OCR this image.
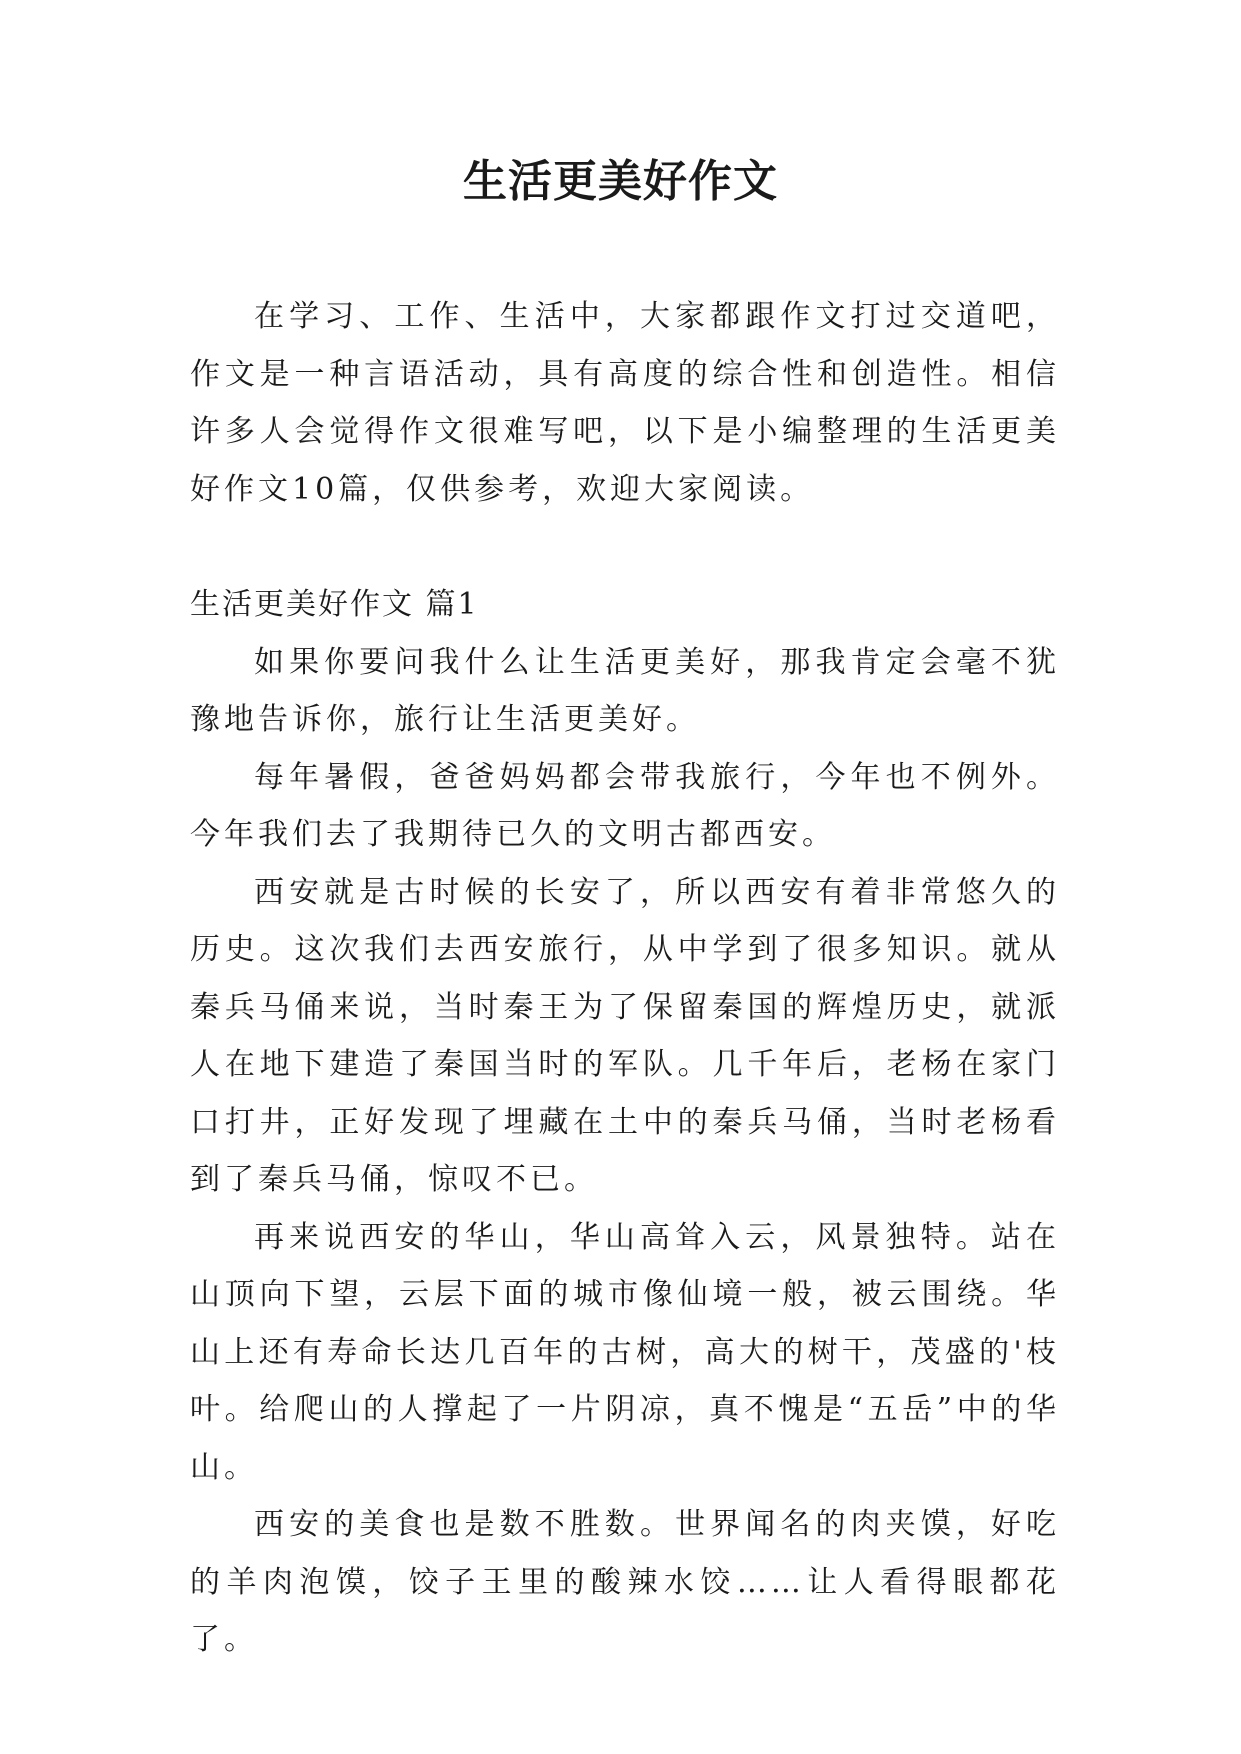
生活更美好作文

在学习、工作、生活中，大家都跟作文打过交道吧，作文是一种言语活动，具有高度的综合性和创造性。相信许多人会觉得作文很难写吧，以下是小编整理的生活更美好作文10篇，仅供参考，欢迎大家阅读。

生活更美好作文 篇1

如果你要问我什么让生活更美好，那我肯定会毫不犹豫地告诉你，旅行让生活更美好。

每年暑假，爸爸妈妈都会带我旅行，今年也不例外。今年我们去了我期待已久的文明古都西安。

西安就是古时候的长安了，所以西安有着非常悠久的历史。这次我们去西安旅行，从中学到了很多知识。就从秦兵马俑来说，当时秦王为了保留秦国的辉煌历史，就派人在地下建造了秦国当时的军队。几千年后，老杨在家门口打井，正好发现了埋藏在土中的秦兵马俑，当时老杨看到了秦兵马俑，惊叹不已。

再来说西安的华山，华山高耸入云，风景独特。站在山顶向下望，云层下面的城市像仙境一般，被云围绕。华山上还有寿命长达几百年的古树，高大的树干，茂盛的'枝叶。给爬山的人撑起了一片阴凉，真不愧是“五岳”中的华山。

西安的美食也是数不胜数。世界闻名的肉夹馍，好吃的羊肉泡馍，饺子王里的酸辣水饺……让人看得眼都花了。
